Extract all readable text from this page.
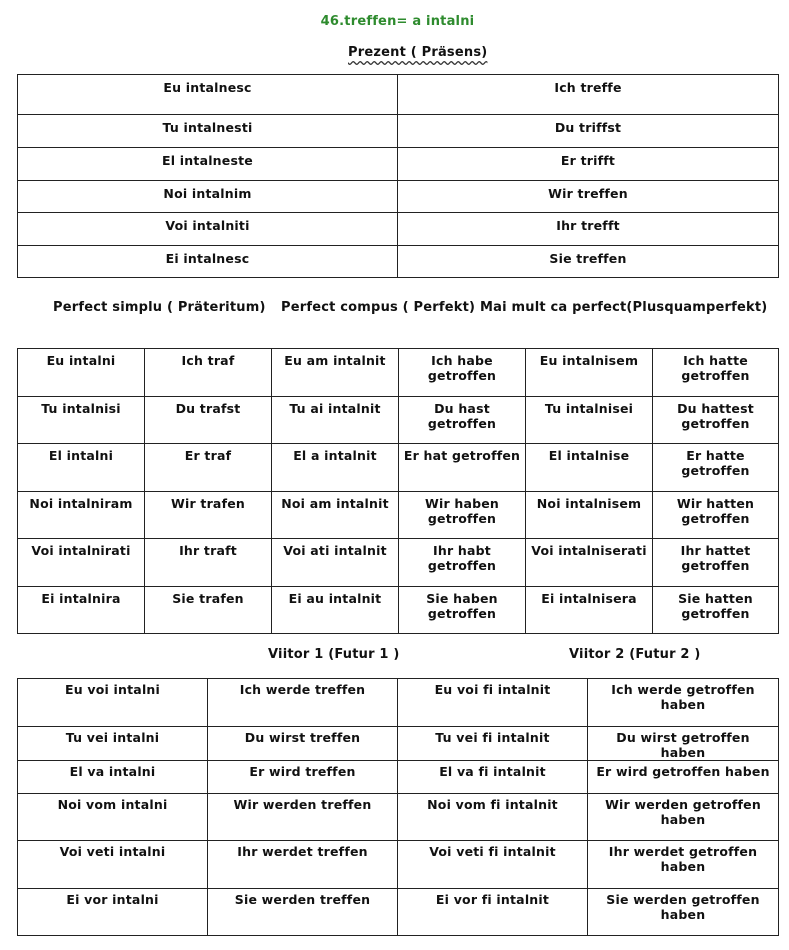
46.treffen= a intalni
Prezent ( Präsens)
Eu intalnesc	Ich treffe
Tu intalnesti	Du triffst
El intalneste	Er trifft
Noi intalnim	Wir treffen
Voi intalniti	Ihr trefft
Ei intalnesc	Sie treffen
Perfect simplu ( Präteritum) Perfect compus ( Perfekt) Mai mult ca perfect(Plusquamperfekt)
Eu intalni	Ich traf	Eu am intalnit	Ich habe getroffen	Eu intalnisem	Ich hatte getroffen
Tu intalnisi	Du trafst	Tu ai intalnit	Du hast getroffen	Tu intalnisei	Du hattest getroffen
El intalni	Er traf	El a intalnit	Er hat getroffen	El intalnise	Er hatte getroffen
Noi intalniram	Wir trafen	Noi am intalnit	Wir haben getroffen	Noi intalnisem	Wir hatten getroffen
Voi intalnirati	Ihr traft	Voi ati intalnit	Ihr habt getroffen	Voi intalniserati	Ihr hattet getroffen
Ei intalnira	Sie trafen	Ei au intalnit	Sie haben getroffen	Ei intalnisera	Sie hatten getroffen
Viitor 1 (Futur 1 )	Viitor 2 (Futur 2 )
Eu voi intalni	Ich werde treffen	Eu voi fi intalnit	Ich werde getroffen haben
Tu vei intalni	Du wirst treffen	Tu vei fi intalnit	Du wirst getroffen haben
El va intalni	Er wird treffen	El va fi intalnit	Er wird getroffen haben
Noi vom intalni	Wir werden treffen	Noi vom fi intalnit	Wir werden getroffen haben
Voi veti intalni	Ihr werdet treffen	Voi veti fi intalnit	Ihr werdet getroffen haben
Ei vor intalni	Sie werden treffen	Ei vor fi intalnit	Sie werden getroffen haben
